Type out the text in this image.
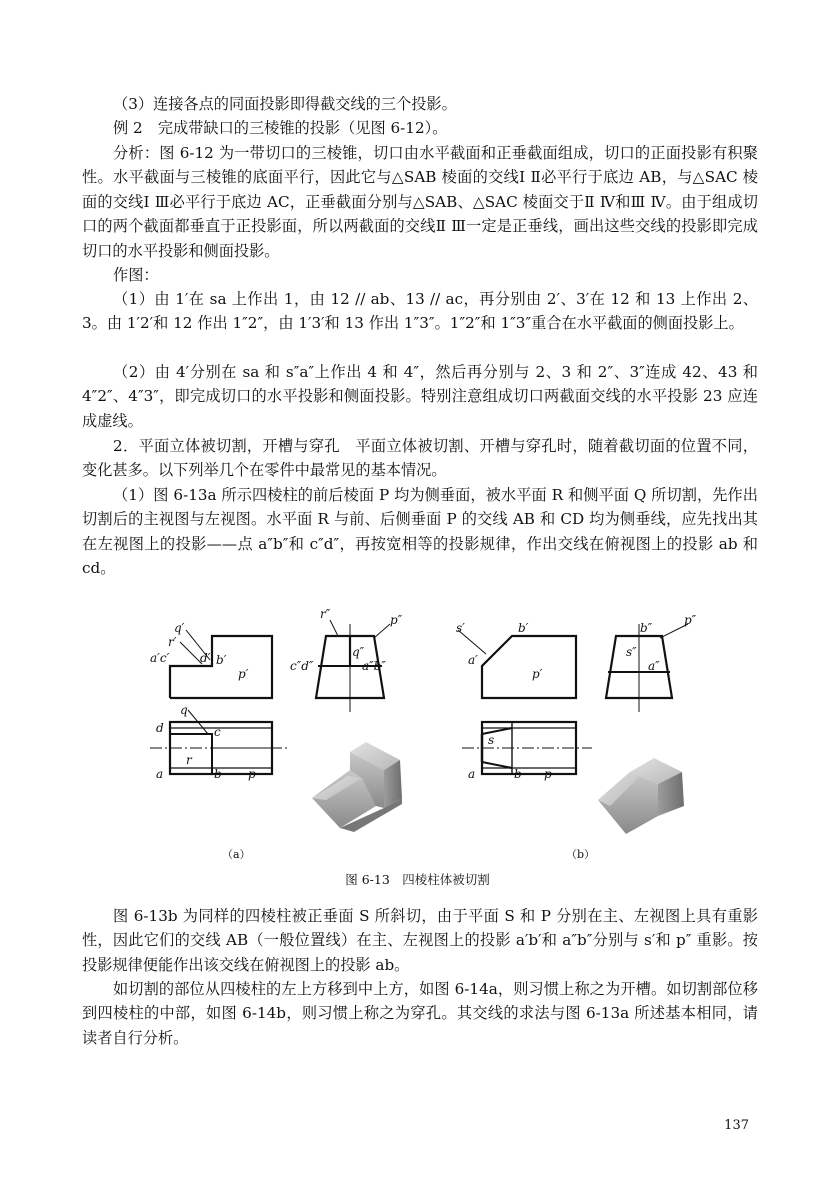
（3）连接各点的同面投影即得截交线的三个投影。

例 2　完成带缺口的三棱锥的投影（见图 6-12）。

分析：图 6-12 为一带切口的三棱锥，切口由水平截面和正垂截面组成，切口的正面投影有积聚性。水平截面与三棱锥的底面平行，因此它与△SAB 棱面的交线Ⅰ Ⅱ必平行于底边 AB，与△SAC 棱面的交线Ⅰ Ⅲ必平行于底边 AC，正垂截面分别与△SAB、△SAC 棱面交于Ⅱ Ⅳ和Ⅲ Ⅳ。由于组成切口的两个截面都垂直于正投影面，所以两截面的交线Ⅱ Ⅲ一定是正垂线，画出这些交线的投影即完成切口的水平投影和侧面投影。

作图：

（1）由 1′在 sa 上作出 1，由 12 // ab、13 // ac，再分别由 2′、3′在 12 和 13 上作出 2、3。由 1′2′和 12 作出 1″2″，由 1′3′和 13 作出 1″3″。1″2″和 1″3″重合在水平截面的侧面投影上。

（2）由 4′分别在 sa 和 s″a″上作出 4 和 4″，然后再分别与 2、3 和 2″、3″连成 42、43 和 4″2″、4″3″，即完成切口的水平投影和侧面投影。特别注意组成切口两截面交线的水平投影 23 应连成虚线。

2．平面立体被切割，开槽与穿孔　平面立体被切割、开槽与穿孔时，随着截切面的位置不同，变化甚多。以下列举几个在零件中最常见的基本情况。

（1）图 6-13a 所示四棱柱的前后棱面 P 均为侧垂面，被水平面 R 和侧平面 Q 所切割，先作出切割后的主视图与左视图。水平面 R 与前、后侧垂面 P 的交线 AB 和 CD 均为侧垂线，应先找出其在左视图上的投影——点 a″b″和 c″d″，再按宽相等的投影规律，作出交线在俯视图上的投影 ab 和 cd。

q′
r′
a′c′	d′ b′
p′
r″	p″
q″
c″d″	a″b″
q
d	c
r
a	b p
s′	b′
a′
p′
b″
p″
s″
a″
s
a	b p
（a）	（b）
图 6-13　四棱柱体被切割

图 6-13b 为同样的四棱柱被正垂面 S 所斜切，由于平面 S 和 P 分别在主、左视图上具有重影性，因此它们的交线 AB（一般位置线）在主、左视图上的投影 a′b′和 a″b″分别与 s′和 p″ 重影。按投影规律便能作出该交线在俯视图上的投影 ab。

如切割的部位从四棱柱的左上方移到中上方，如图 6-14a，则习惯上称之为开槽。如切割部位移到四棱柱的中部，如图 6-14b，则习惯上称之为穿孔。其交线的求法与图 6-13a 所述基本相同，请读者自行分析。

137
